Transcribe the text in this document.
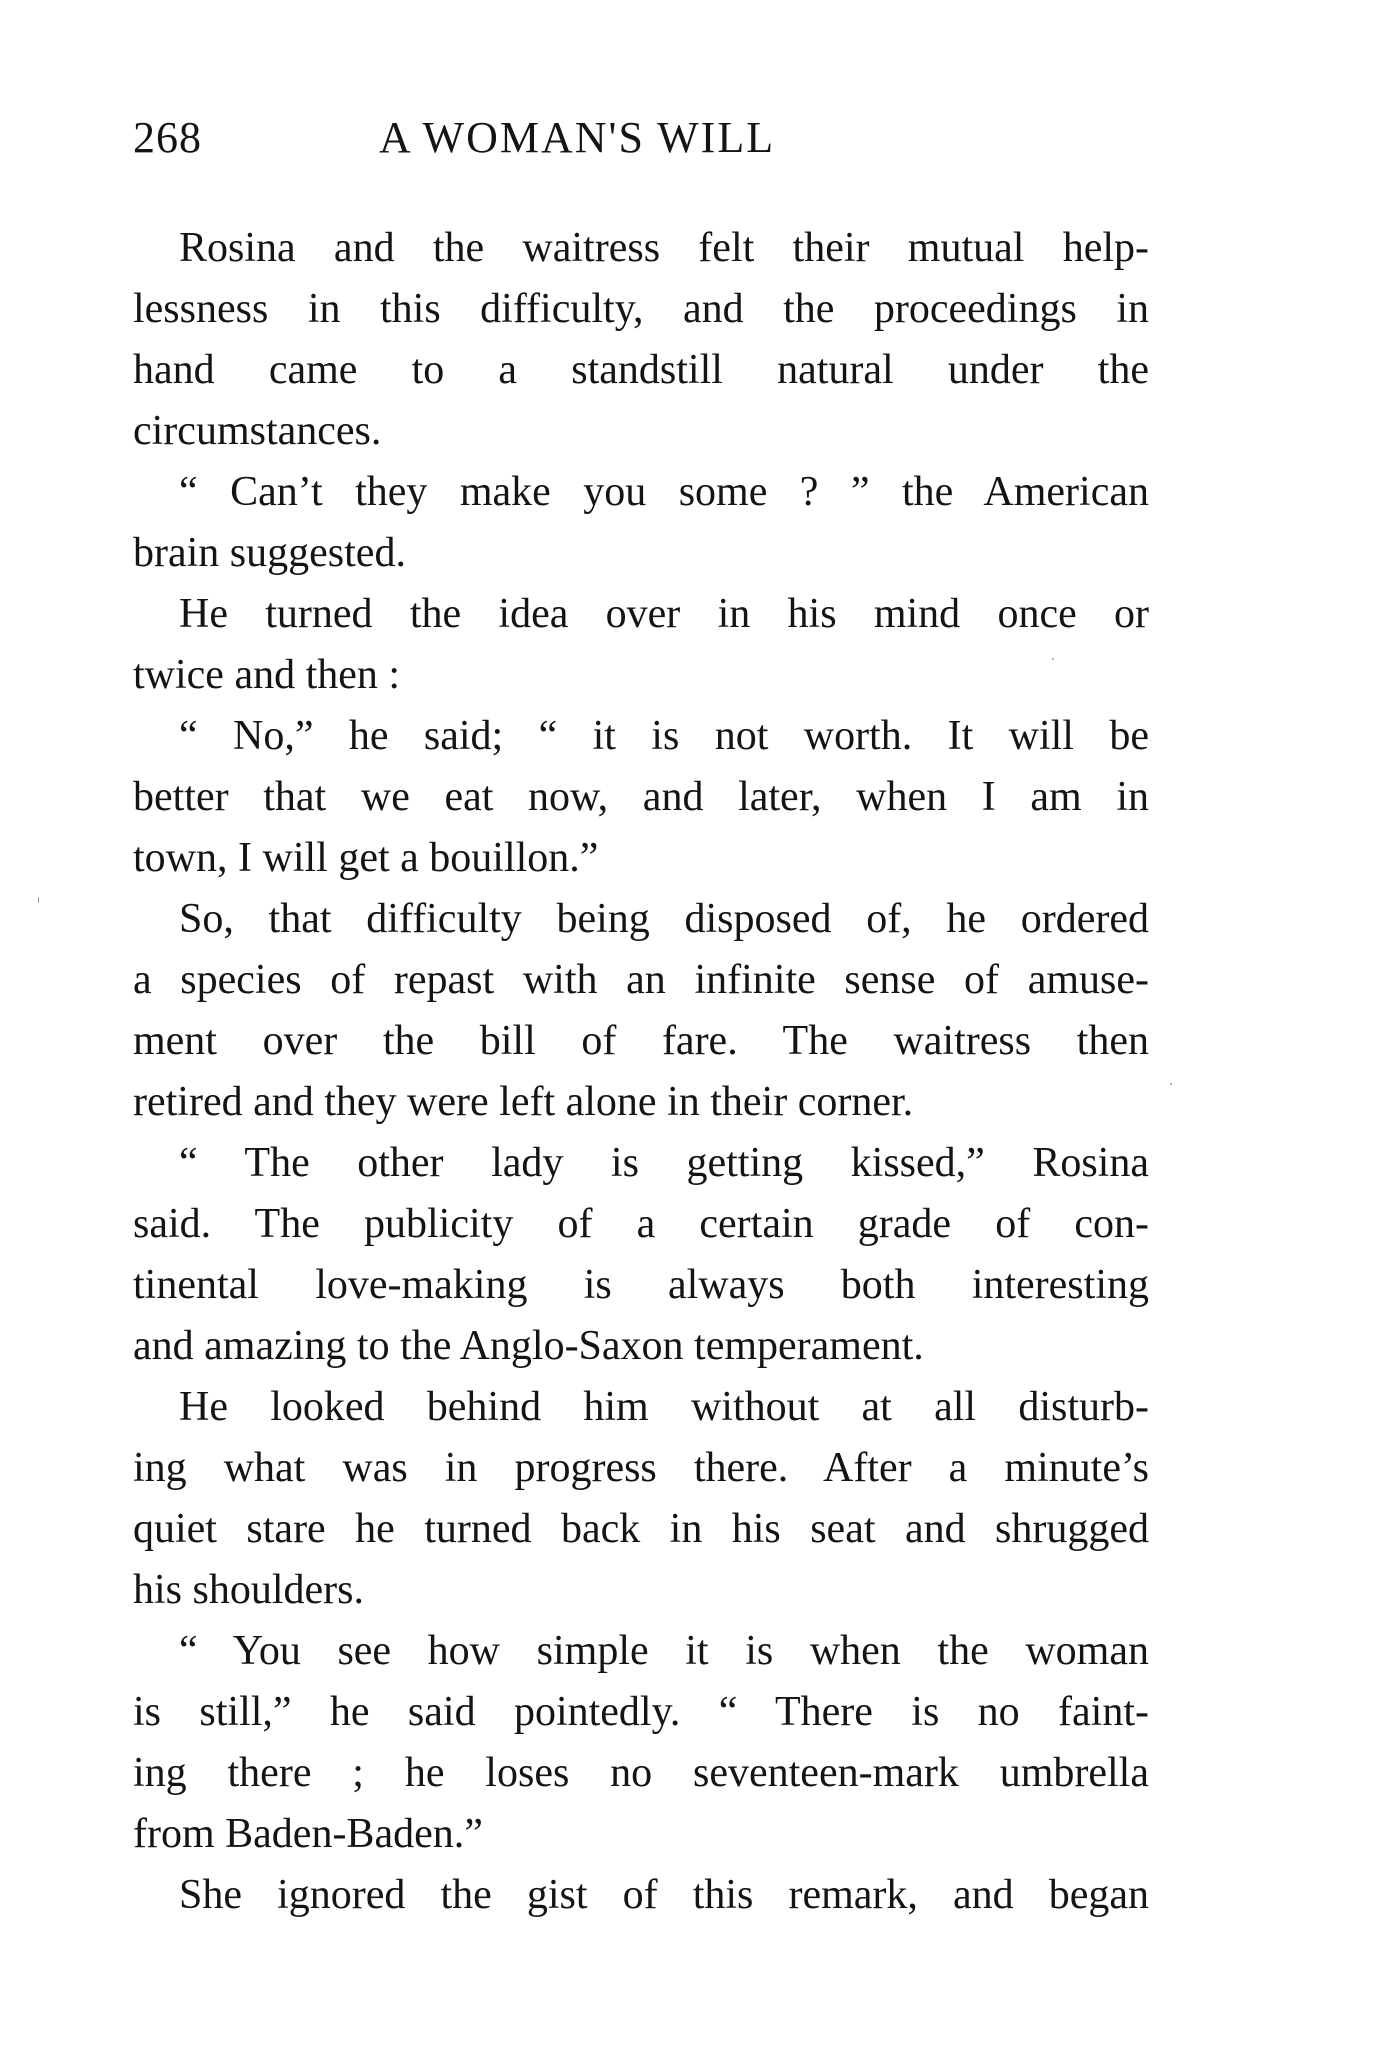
268	A WOMAN'S WILL
Rosina and the waitress felt their mutual help-
lessness in this difficulty, and the proceedings in
hand came to a standstill natural under the
circumstances.
“ Can’t they make you some ? ” the American
brain suggested.
He turned the idea over in his mind once or
twice and then :
“ No,” he said; “ it is not worth. It will be
better that we eat now, and later, when I am in
town, I will get a bouillon.”
So, that difficulty being disposed of, he ordered
a species of repast with an infinite sense of amuse-
ment over the bill of fare. The waitress then
retired and they were left alone in their corner.
“ The other lady is getting kissed,” Rosina
said. The publicity of a certain grade of con-
tinental love-making is always both interesting
and amazing to the Anglo-Saxon temperament.
He looked behind him without at all disturb-
ing what was in progress there. After a minute’s
quiet stare he turned back in his seat and shrugged
his shoulders.
“ You see how simple it is when the woman
is still,” he said pointedly. “ There is no faint-
ing there ; he loses no seventeen-mark umbrella
from Baden-Baden.”
She ignored the gist of this remark, and began
